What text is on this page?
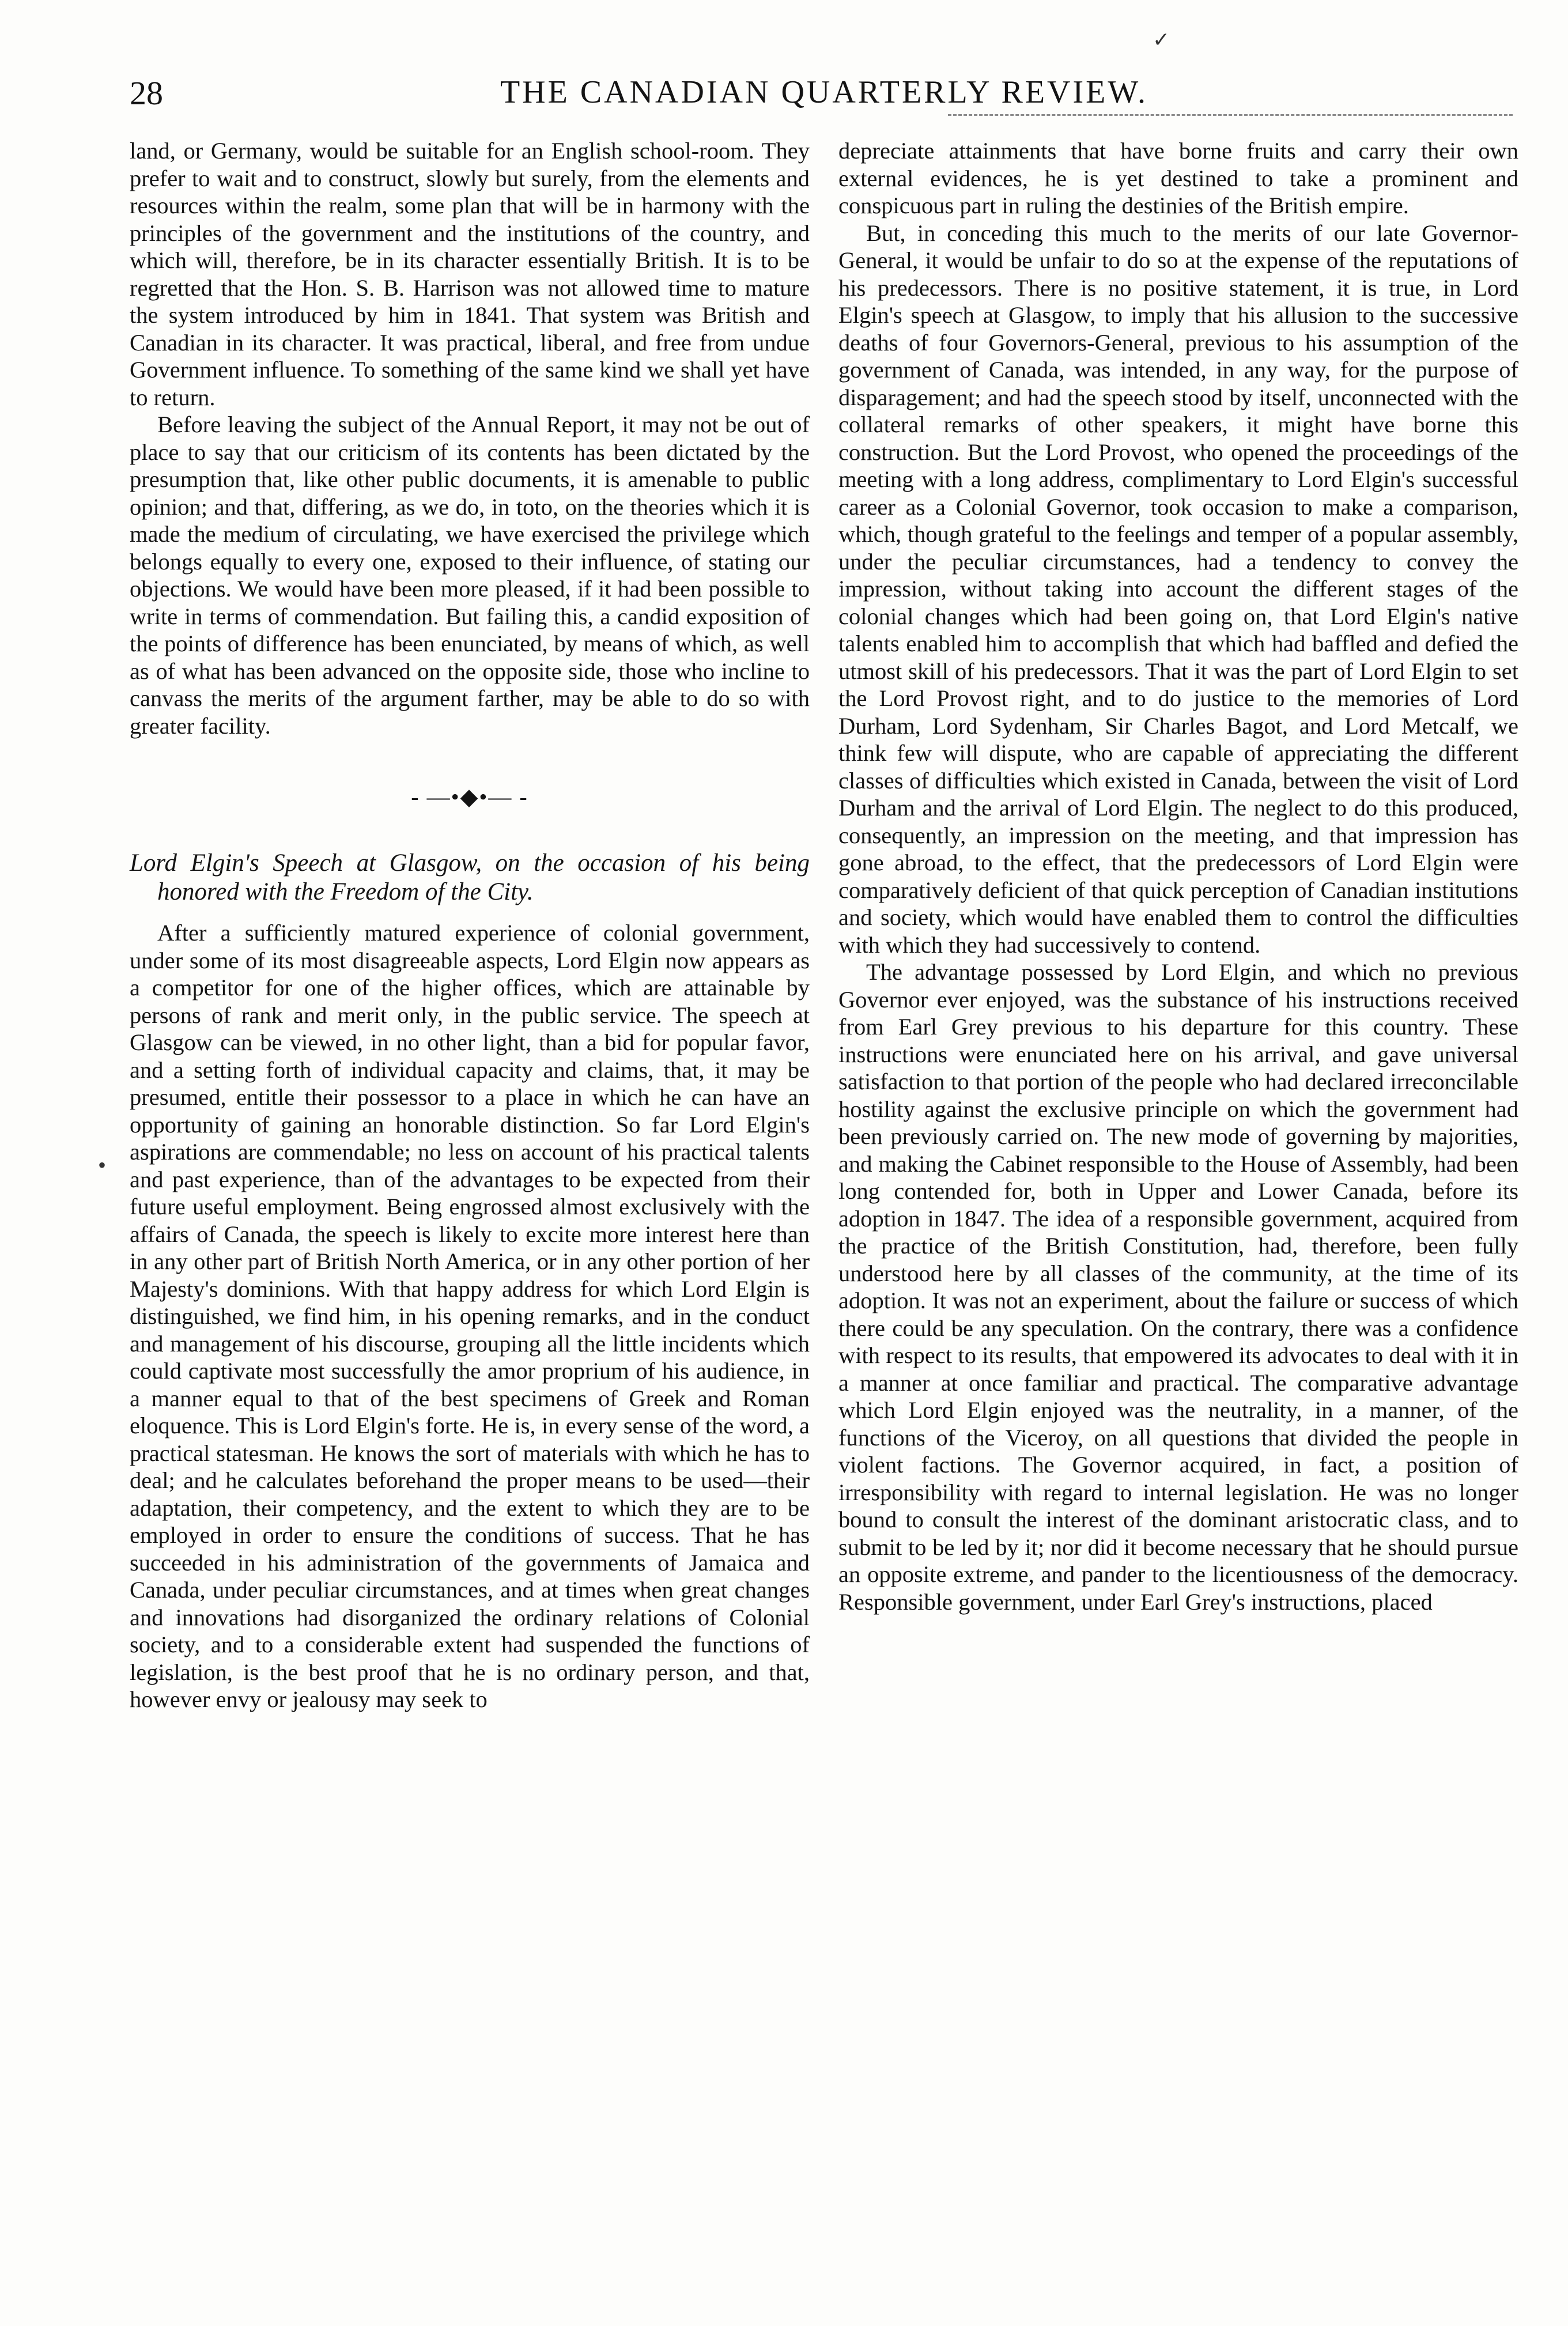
28	THE CANADIAN QUARTERLY REVIEW.
✓
•

land, or Germany, would be suitable for an English school-room. They prefer to wait and to construct, slowly but surely, from the elements and resources within the realm, some plan that will be in harmony with the principles of the government and the institutions of the country, and which will, therefore, be in its character essentially British. It is to be regretted that the Hon. S. B. Harrison was not allowed time to mature the system introduced by him in 1841. That system was British and Canadian in its character. It was practical, liberal, and free from undue Government influence. To something of the same kind we shall yet have to return.

Before leaving the subject of the Annual Report, it may not be out of place to say that our criticism of its contents has been dictated by the presumption that, like other public documents, it is amenable to public opinion; and that, differing, as we do, in toto, on the theories which it is made the medium of circulating, we have exercised the privilege which belongs equally to every one, exposed to their influence, of stating our objections. We would have been more pleased, if it had been possible to write in terms of commendation. But failing this, a candid exposition of the points of difference has been enunciated, by means of which, as well as of what has been advanced on the opposite side, those who incline to canvass the merits of the argument farther, may be able to do so with greater facility.

- —•◆•— -

Lord Elgin's Speech at Glasgow, on the occasion of his being honored with the Freedom of the City.

After a sufficiently matured experience of colonial government, under some of its most disagreeable aspects, Lord Elgin now appears as a competitor for one of the higher offices, which are attainable by persons of rank and merit only, in the public service. The speech at Glasgow can be viewed, in no other light, than a bid for popular favor, and a setting forth of individual capacity and claims, that, it may be presumed, entitle their possessor to a place in which he can have an opportunity of gaining an honorable distinction. So far Lord Elgin's aspirations are commendable; no less on account of his practical talents and past experience, than of the advantages to be expected from their future useful employment. Being engrossed almost exclusively with the affairs of Canada, the speech is likely to excite more interest here than in any other part of British North America, or in any other portion of her Majesty's dominions. With that happy address for which Lord Elgin is distinguished, we find him, in his opening remarks, and in the conduct and management of his discourse, grouping all the little incidents which could captivate most successfully the amor proprium of his audience, in a manner equal to that of the best specimens of Greek and Roman eloquence. This is Lord Elgin's forte. He is, in every sense of the word, a practical statesman. He knows the sort of materials with which he has to deal; and he calculates beforehand the proper means to be used—their adaptation, their competency, and the extent to which they are to be employed in order to ensure the conditions of success. That he has succeeded in his administration of the governments of Jamaica and Canada, under peculiar circumstances, and at times when great changes and innovations had disorganized the ordinary relations of Colonial society, and to a considerable extent had suspended the functions of legislation, is the best proof that he is no ordinary person, and that, however envy or jealousy may seek to

depreciate attainments that have borne fruits and carry their own external evidences, he is yet destined to take a prominent and conspicuous part in ruling the destinies of the British empire.

But, in conceding this much to the merits of our late Governor-General, it would be unfair to do so at the expense of the reputations of his predecessors. There is no positive statement, it is true, in Lord Elgin's speech at Glasgow, to imply that his allusion to the successive deaths of four Governors-General, previous to his assumption of the government of Canada, was intended, in any way, for the purpose of disparagement; and had the speech stood by itself, unconnected with the collateral remarks of other speakers, it might have borne this construction. But the Lord Provost, who opened the proceedings of the meeting with a long address, complimentary to Lord Elgin's successful career as a Colonial Governor, took occasion to make a comparison, which, though grateful to the feelings and temper of a popular assembly, under the peculiar circumstances, had a tendency to convey the impression, without taking into account the different stages of the colonial changes which had been going on, that Lord Elgin's native talents enabled him to accomplish that which had baffled and defied the utmost skill of his predecessors. That it was the part of Lord Elgin to set the Lord Provost right, and to do justice to the memories of Lord Durham, Lord Sydenham, Sir Charles Bagot, and Lord Metcalf, we think few will dispute, who are capable of appreciating the different classes of difficulties which existed in Canada, between the visit of Lord Durham and the arrival of Lord Elgin. The neglect to do this produced, consequently, an impression on the meeting, and that impression has gone abroad, to the effect, that the predecessors of Lord Elgin were comparatively deficient of that quick perception of Canadian institutions and society, which would have enabled them to control the difficulties with which they had successively to contend.

The advantage possessed by Lord Elgin, and which no previous Governor ever enjoyed, was the substance of his instructions received from Earl Grey previous to his departure for this country. These instructions were enunciated here on his arrival, and gave universal satisfaction to that portion of the people who had declared irreconcilable hostility against the exclusive principle on which the government had been previously carried on. The new mode of governing by majorities, and making the Cabinet responsible to the House of Assembly, had been long contended for, both in Upper and Lower Canada, before its adoption in 1847. The idea of a responsible government, acquired from the practice of the British Constitution, had, therefore, been fully understood here by all classes of the community, at the time of its adoption. It was not an experiment, about the failure or success of which there could be any speculation. On the contrary, there was a confidence with respect to its results, that empowered its advocates to deal with it in a manner at once familiar and practical. The comparative advantage which Lord Elgin enjoyed was the neutrality, in a manner, of the functions of the Viceroy, on all questions that divided the people in violent factions. The Governor acquired, in fact, a position of irresponsibility with regard to internal legislation. He was no longer bound to consult the interest of the dominant aristocratic class, and to submit to be led by it; nor did it become necessary that he should pursue an opposite extreme, and pander to the licentiousness of the democracy. Responsible government, under Earl Grey's instructions, placed
